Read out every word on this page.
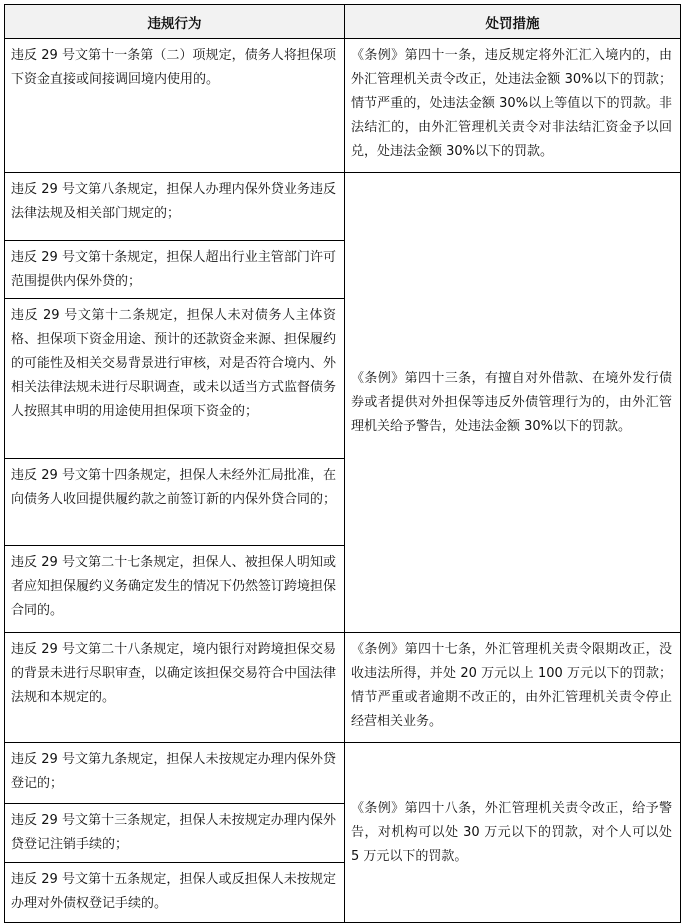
违规行为	处罚措施
违反 29 号文第十一条第（二）项规定，债务人将担保项下资金直接或间接调回境内使用的。	《条例》第四十一条，违反规定将外汇汇入境内的，由外汇管理机关责令改正，处违法金额 30%以下的罚款；情节严重的，处违法金额 30%以上等值以下的罚款。非法结汇的，由外汇管理机关责令对非法结汇资金予以回兑，处违法金额 30%以下的罚款。
违反 29 号文第八条规定，担保人办理内保外贷业务违反法律法规及相关部门规定的；	《条例》第四十三条，有擅自对外借款、在境外发行债券或者提供对外担保等违反外债管理行为的，由外汇管理机关给予警告，处违法金额 30%以下的罚款。
违反 29 号文第十条规定，担保人超出行业主管部门许可范围提供内保外贷的；	
违反 29 号文第十二条规定，担保人未对债务人主体资格、担保项下资金用途、预计的还款资金来源、担保履约的可能性及相关交易背景进行审核，对是否符合境内、外相关法律法规未进行尽职调查，或未以适当方式监督债务人按照其申明的用途使用担保项下资金的；	
违反 29 号文第十四条规定，担保人未经外汇局批准，在向债务人收回提供履约款之前签订新的内保外贷合同的；	
违反 29 号文第二十七条规定，担保人、被担保人明知或者应知担保履约义务确定发生的情况下仍然签订跨境担保合同的。	
违反 29 号文第二十八条规定，境内银行对跨境担保交易的背景未进行尽职审查，以确定该担保交易符合中国法律法规和本规定的。	《条例》第四十七条，外汇管理机关责令限期改正，没收违法所得，并处 20 万元以上 100 万元以下的罚款；情节严重或者逾期不改正的，由外汇管理机关责令停止经营相关业务。
违反 29 号文第九条规定，担保人未按规定办理内保外贷登记的；	《条例》第四十八条，外汇管理机关责令改正，给予警告，对机构可以处 30 万元以下的罚款，对个人可以处 5 万元以下的罚款。
违反 29 号文第十三条规定，担保人未按规定办理内保外贷登记注销手续的；	
违反 29 号文第十五条规定，担保人或反担保人未按规定办理对外债权登记手续的。	
